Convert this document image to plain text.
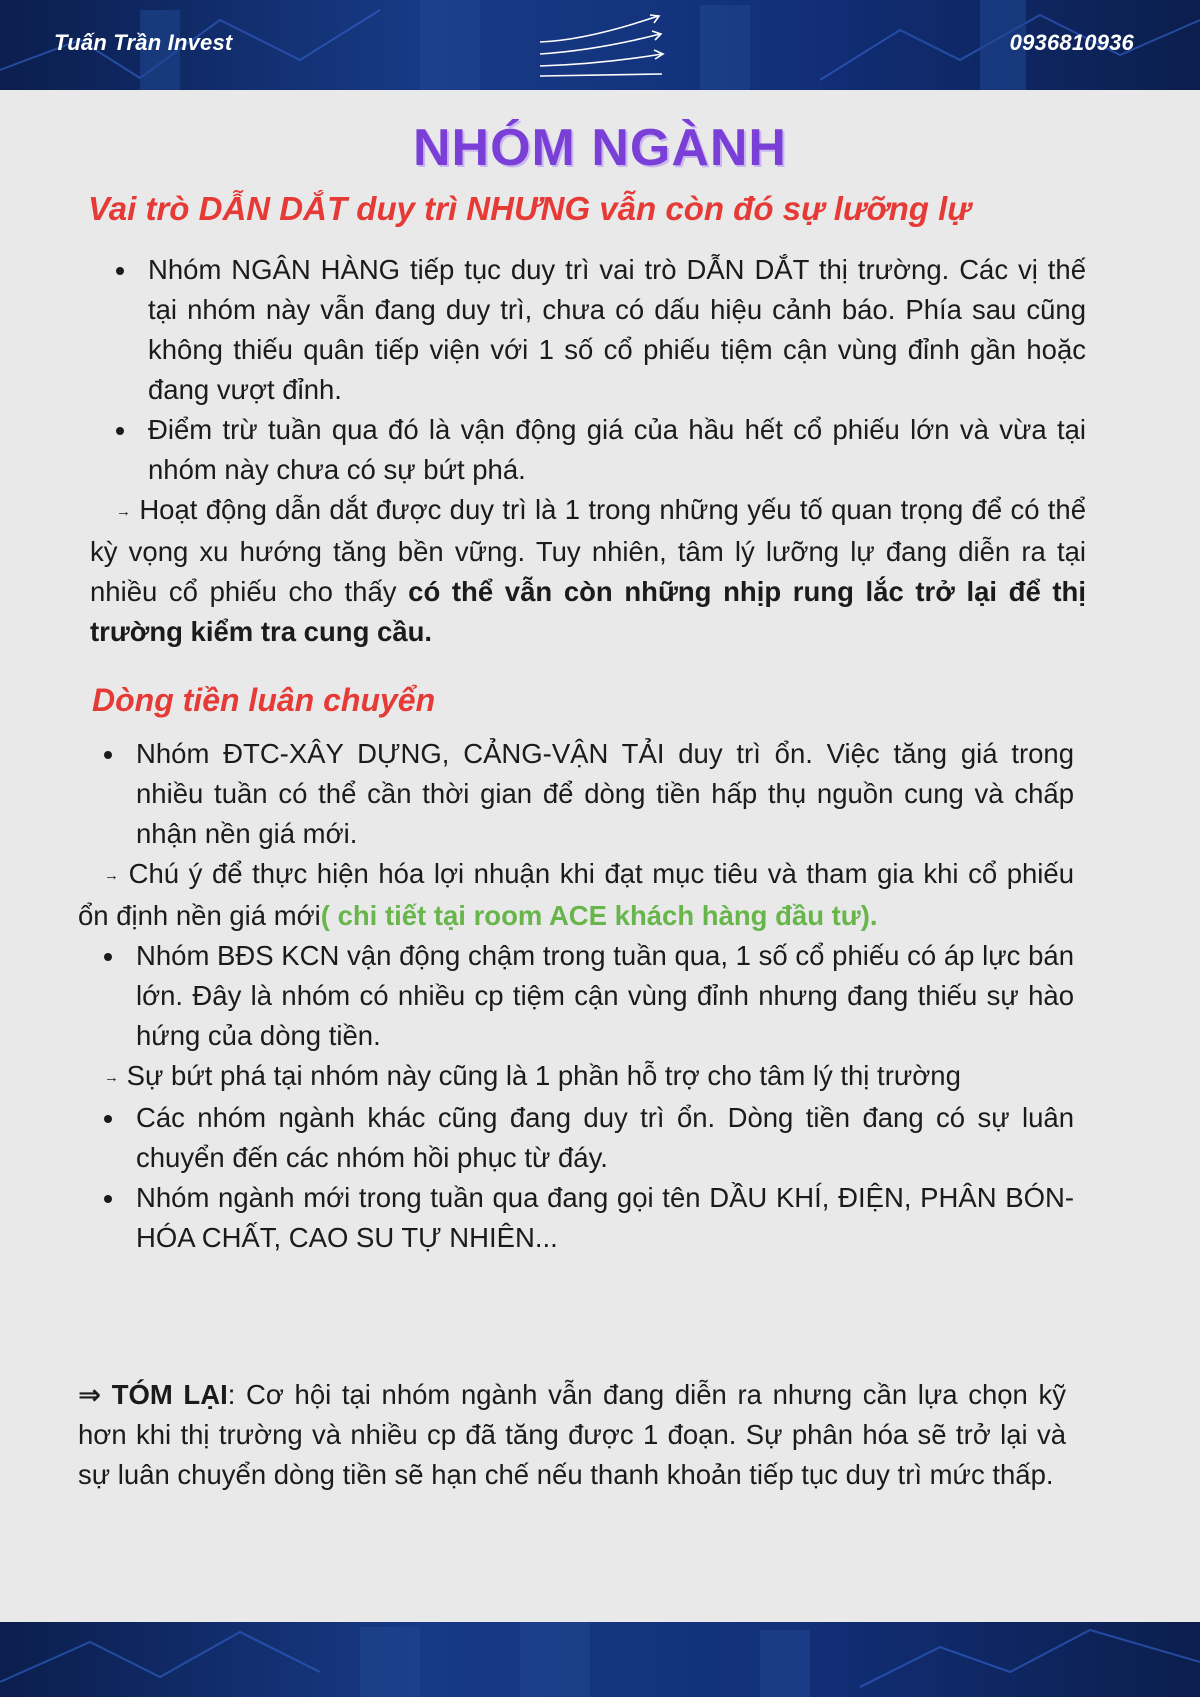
Tuấn Trần Invest	0936810936
NHÓM NGÀNH
Vai trò DẪN DẮT duy trì NHƯNG vẫn còn đó sự lưỡng lự
Nhóm NGÂN HÀNG tiếp tục duy trì vai trò DẪN DẮT thị trường. Các vị thế tại nhóm này vẫn đang duy trì, chưa có dấu hiệu cảnh báo. Phía sau cũng không thiếu quân tiếp viện với 1 số cổ phiếu tiệm cận vùng đỉnh gần hoặc đang vượt đỉnh.
Điểm trừ tuần qua đó là vận động giá của hầu hết cổ phiếu lớn và vừa tại nhóm này chưa có sự bứt phá.

→ Hoạt động dẫn dắt được duy trì là 1 trong những yếu tố quan trọng để có thể kỳ vọng xu hướng tăng bền vững. Tuy nhiên, tâm lý lưỡng lự đang diễn ra tại nhiều cổ phiếu cho thấy có thể vẫn còn những nhịp rung lắc trở lại để thị trường kiểm tra cung cầu.

Dòng tiền luân chuyển
Nhóm ĐTC-XÂY DỰNG, CẢNG-VẬN TẢI duy trì ổn. Việc tăng giá trong nhiều tuần có thể cần thời gian để dòng tiền hấp thụ nguồn cung và chấp nhận nền giá mới.

→ Chú ý để thực hiện hóa lợi nhuận khi đạt mục tiêu và tham gia khi cổ phiếu ổn định nền giá mới( chi tiết tại room ACE khách hàng đầu tư).

Nhóm BĐS KCN vận động chậm trong tuần qua, 1 số cổ phiếu có áp lực bán lớn. Đây là nhóm có nhiều cp tiệm cận vùng đỉnh nhưng đang thiếu sự hào hứng của dòng tiền.

→ Sự bứt phá tại nhóm này cũng là 1 phần hỗ trợ cho tâm lý thị trường

Các nhóm ngành khác cũng đang duy trì ổn. Dòng tiền đang có sự luân chuyển đến các nhóm hồi phục từ đáy.
Nhóm ngành mới trong tuần qua đang gọi tên DẦU KHÍ, ĐIỆN, PHÂN BÓN-HÓA CHẤT, CAO SU TỰ NHIÊN...

⇒ TÓM LẠI: Cơ hội tại nhóm ngành vẫn đang diễn ra nhưng cần lựa chọn kỹ hơn khi thị trường và nhiều cp đã tăng được 1 đoạn. Sự phân hóa sẽ trở lại và sự luân chuyển dòng tiền sẽ hạn chế nếu thanh khoản tiếp tục duy trì mức thấp.
